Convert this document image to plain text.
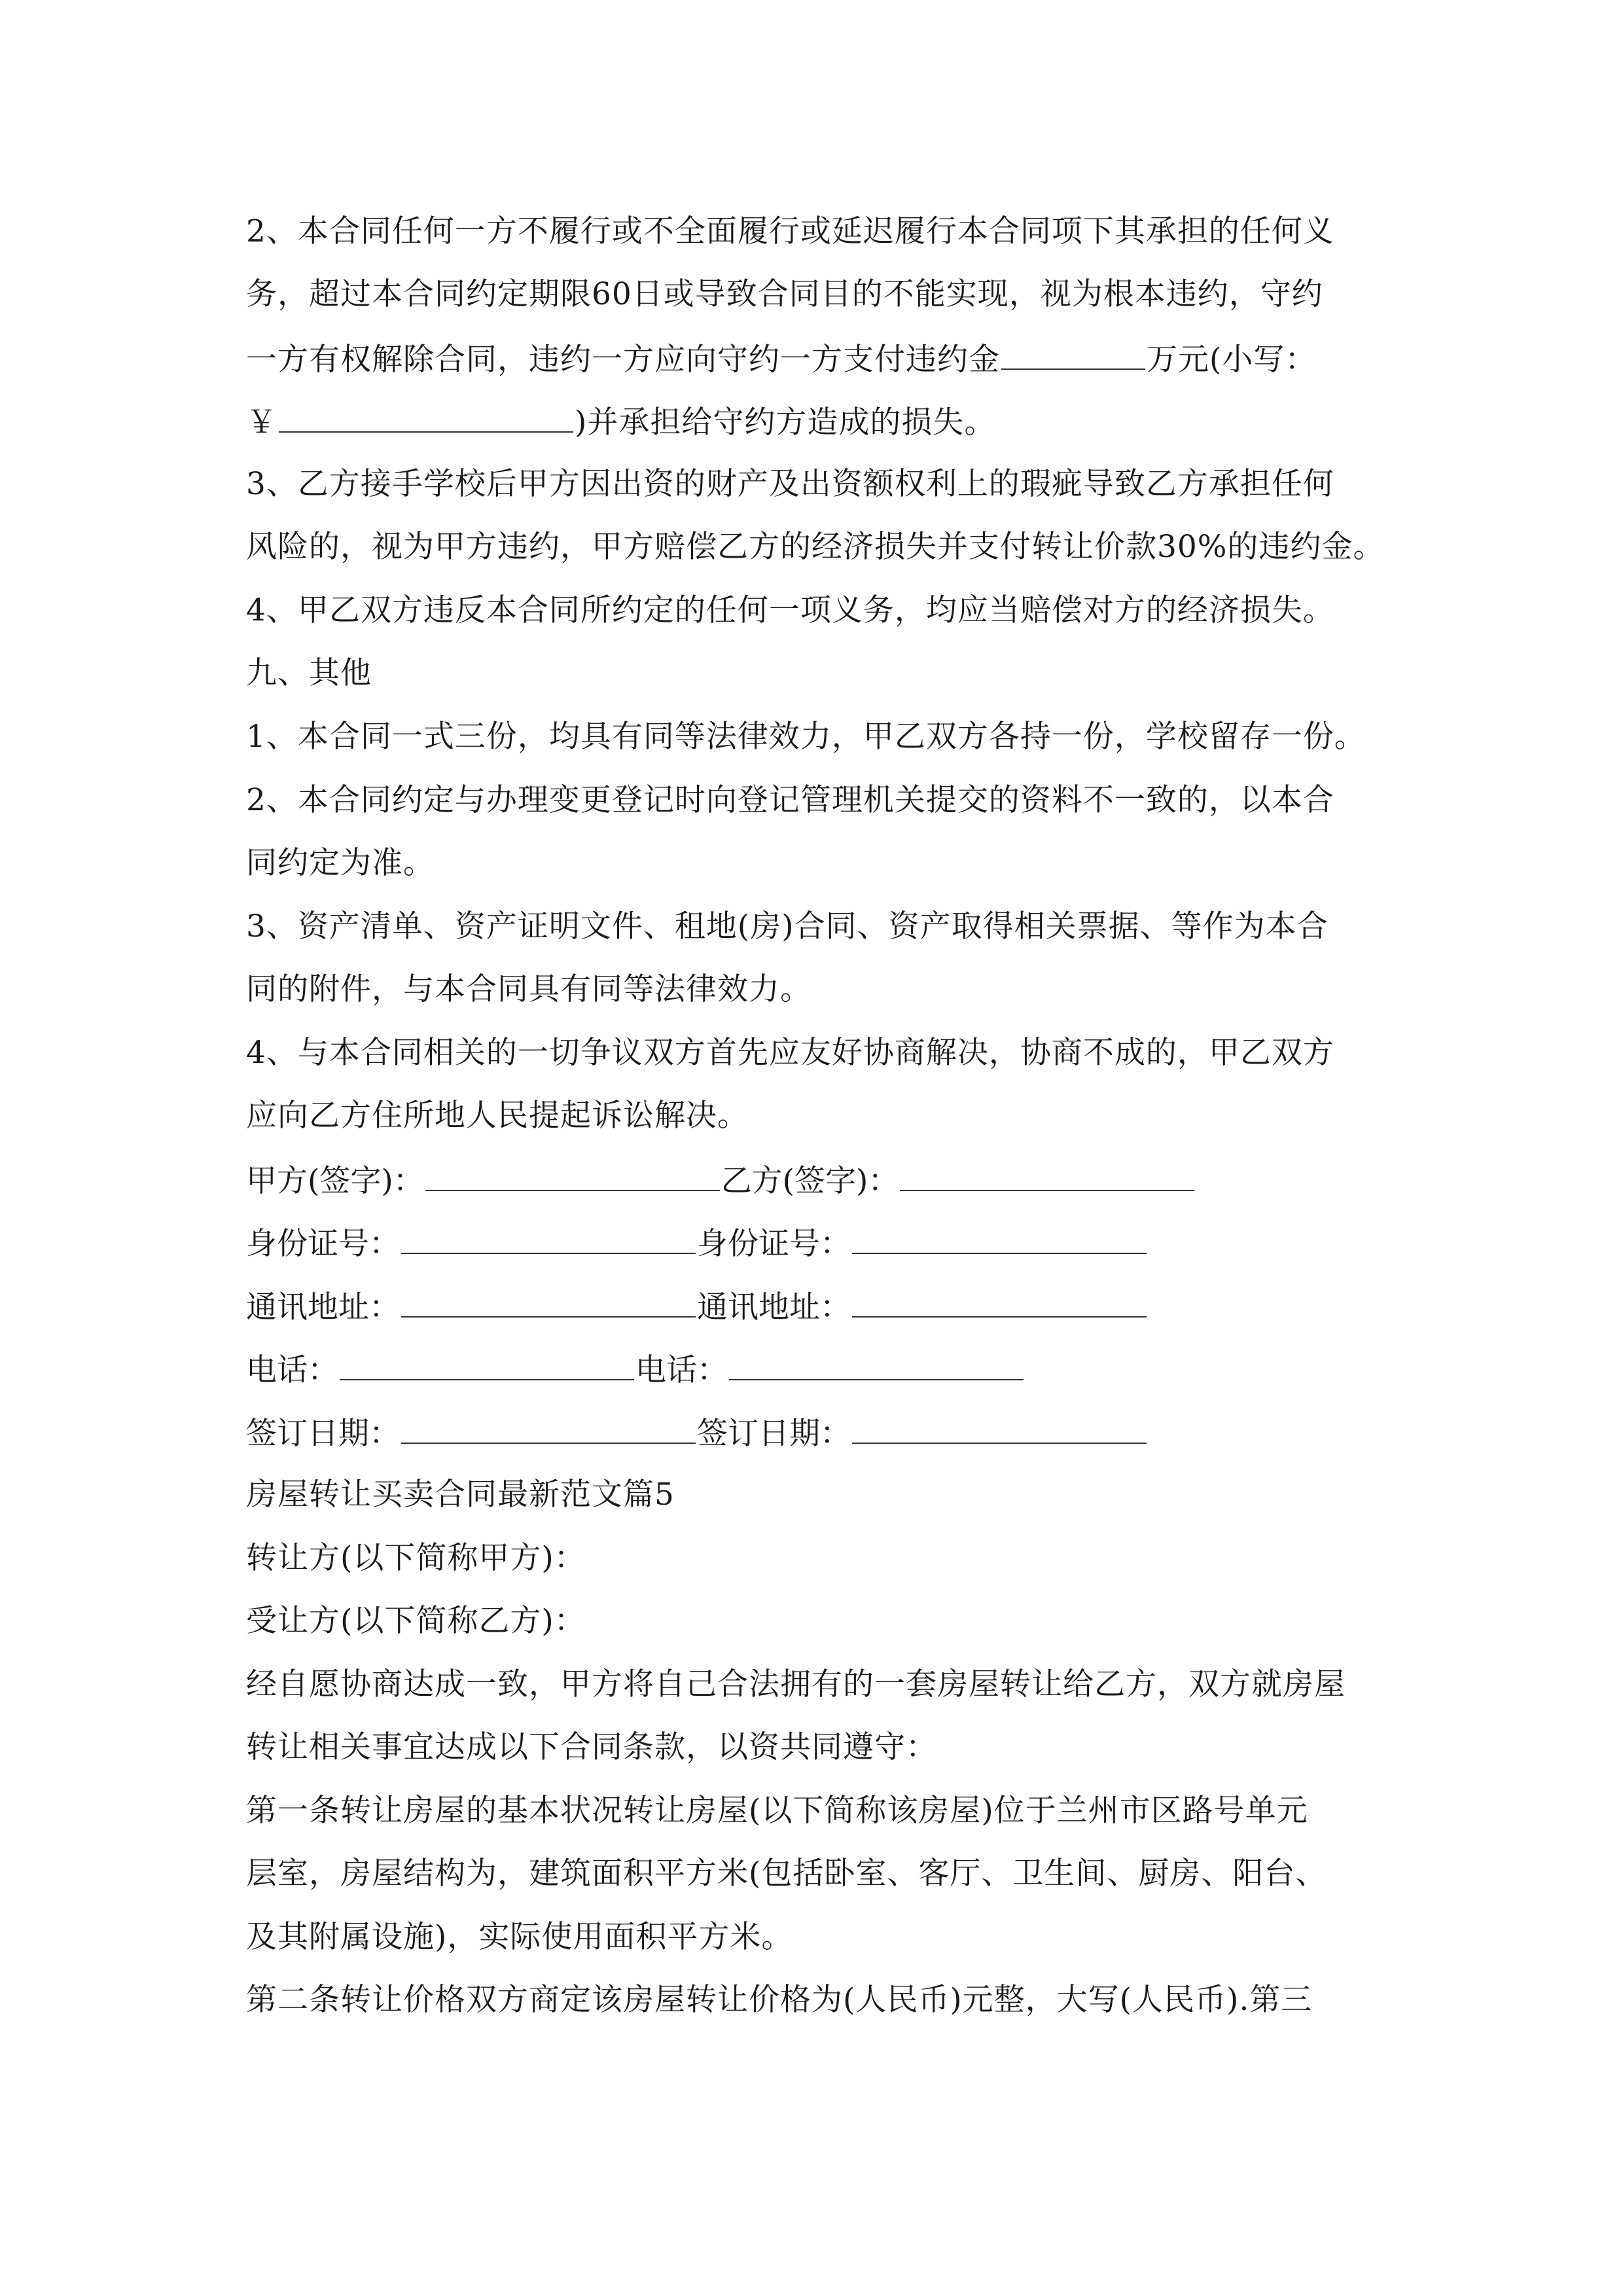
2、本合同任何一方不履行或不全面履行或延迟履行本合同项下其承担的任何义
务，超过本合同约定期限60日或导致合同目的不能实现，视为根本违约，守约
一方有权解除合同，违约一方应向守约一方支付违约金	万元(小写：
￥	)并承担给守约方造成的损失。
3、乙方接手学校后甲方因出资的财产及出资额权利上的瑕疵导致乙方承担任何
风险的，视为甲方违约，甲方赔偿乙方的经济损失并支付转让价款30%的违约金。
4、甲乙双方违反本合同所约定的任何一项义务，均应当赔偿对方的经济损失。
九、其他
1、本合同一式三份，均具有同等法律效力，甲乙双方各持一份，学校留存一份。
2、本合同约定与办理变更登记时向登记管理机关提交的资料不一致的，以本合
同约定为准。
3、资产清单、资产证明文件、租地(房)合同、资产取得相关票据、等作为本合
同的附件，与本合同具有同等法律效力。
4、与本合同相关的一切争议双方首先应友好协商解决，协商不成的，甲乙双方
应向乙方住所地人民提起诉讼解决。
甲方(签字)：	乙方(签字)：
身份证号：	身份证号：
通讯地址：	通讯地址：
电话：	电话：
签订日期：	签订日期：
房屋转让买卖合同最新范文篇5
转让方(以下简称甲方)：
受让方(以下简称乙方)：
经自愿协商达成一致，甲方将自己合法拥有的一套房屋转让给乙方，双方就房屋
转让相关事宜达成以下合同条款，以资共同遵守：
第一条转让房屋的基本状况转让房屋(以下简称该房屋)位于兰州市区路号单元
层室，房屋结构为，建筑面积平方米(包括卧室、客厅、卫生间、厨房、阳台、
及其附属设施)，实际使用面积平方米。
第二条转让价格双方商定该房屋转让价格为(人民币)元整，大写(人民币).第三
